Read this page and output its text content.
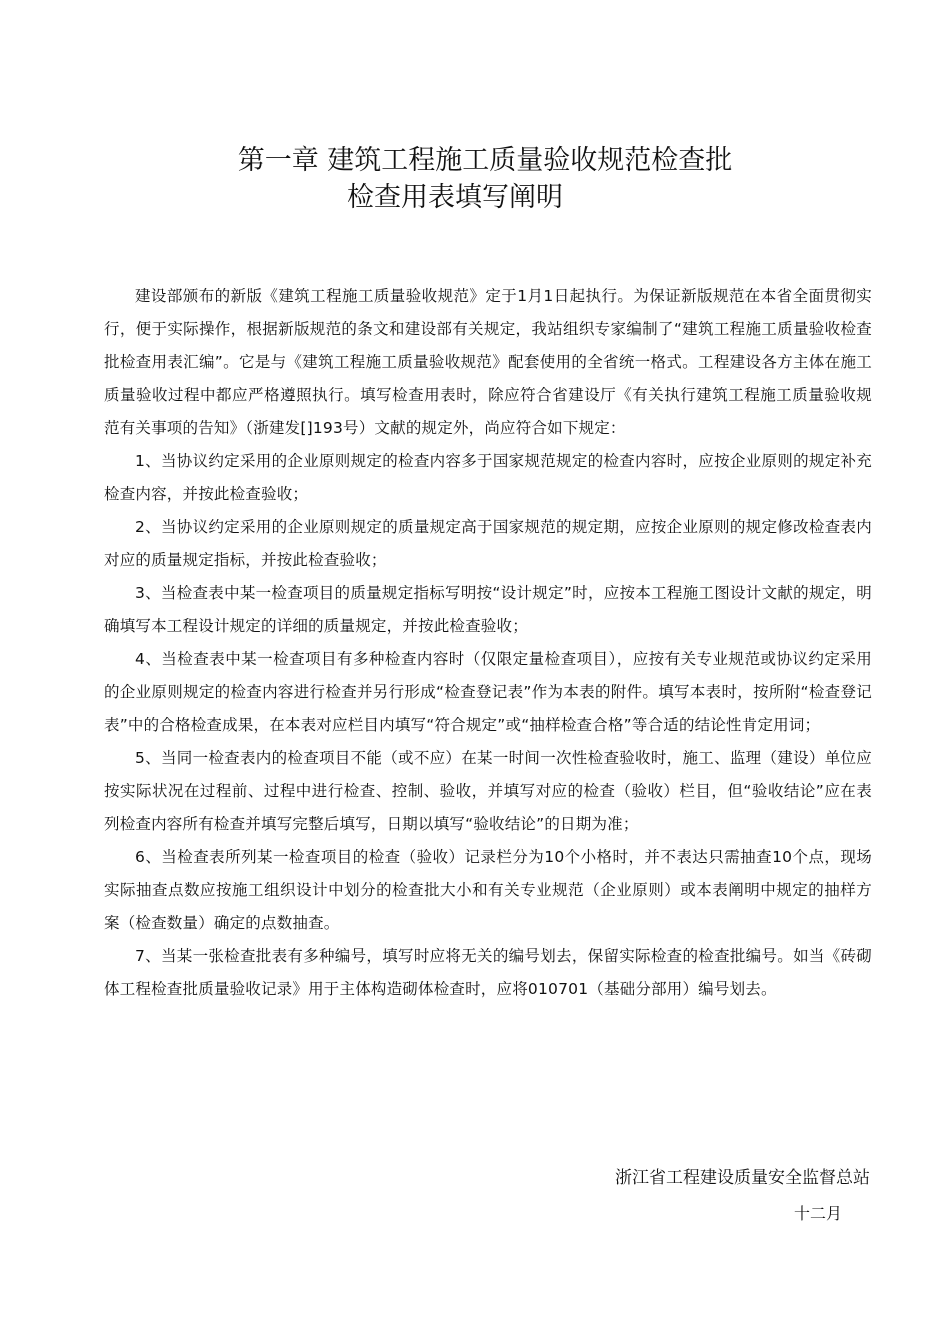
第一章 建筑工程施工质量验收规范检查批
检查用表填写阐明

建设部颁布的新版《建筑工程施工质量验收规范》定于1月1日起执行。为保证新版规范在本省全面贯彻实行，便于实际操作，根据新版规范的条文和建设部有关规定，我站组织专家编制了“建筑工程施工质量验收检查批检查用表汇编”。它是与《建筑工程施工质量验收规范》配套使用的全省统一格式。工程建设各方主体在施工质量验收过程中都应严格遵照执行。填写检查用表时，除应符合省建设厅《有关执行建筑工程施工质量验收规范有关事项的告知》（浙建发[]193号）文献的规定外，尚应符合如下规定：

1、当协议约定采用的企业原则规定的检查内容多于国家规范规定的检查内容时，应按企业原则的规定补充检查内容，并按此检查验收；

2、当协议约定采用的企业原则规定的质量规定高于国家规范的规定期，应按企业原则的规定修改检查表内对应的质量规定指标，并按此检查验收；

3、当检查表中某一检查项目的质量规定指标写明按“设计规定”时，应按本工程施工图设计文献的规定，明确填写本工程设计规定的详细的质量规定，并按此检查验收；

4、当检查表中某一检查项目有多种检查内容时（仅限定量检查项目），应按有关专业规范或协议约定采用的企业原则规定的检查内容进行检查并另行形成“检查登记表”作为本表的附件。填写本表时，按所附“检查登记表”中的合格检查成果，在本表对应栏目内填写“符合规定”或“抽样检查合格”等合适的结论性肯定用词；

5、当同一检查表内的检查项目不能（或不应）在某一时间一次性检查验收时，施工、监理（建设）单位应按实际状况在过程前、过程中进行检查、控制、验收，并填写对应的检查（验收）栏目，但“验收结论”应在表列检查内容所有检查并填写完整后填写，日期以填写“验收结论”的日期为准；

6、当检查表所列某一检查项目的检查（验收）记录栏分为10个小格时，并不表达只需抽查10个点，现场实际抽查点数应按施工组织设计中划分的检查批大小和有关专业规范（企业原则）或本表阐明中规定的抽样方案（检查数量）确定的点数抽查。

7、当某一张检查批表有多种编号，填写时应将无关的编号划去，保留实际检查的检查批编号。如当《砖砌体工程检查批质量验收记录》用于主体构造砌体检查时，应将010701（基础分部用）编号划去。

浙江省工程建设质量安全监督总站
十二月
